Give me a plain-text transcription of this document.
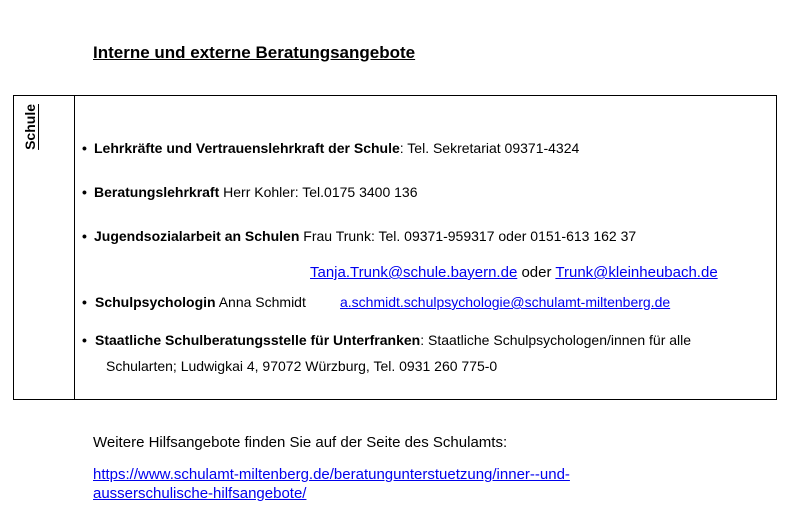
Interne und externe Beratungsangebote
Schule	• Lehrkräfte und Vertrauenslehrkraft der Schule: Tel. Sekretariat 09371-4324
• Beratungslehrkraft Herr Kohler: Tel.0175 3400 136
• Jugendsozialarbeit an Schulen Frau Trunk: Tel. 09371-959317 oder 0151-613 162 37
Tanja.Trunk@schule.bayern.de oder Trunk@kleinheubach.de
• Schulpsychologin Anna Schmidt a.schmidt.schulpsychologie@schulamt-miltenberg.de
• Staatliche Schulberatungsstelle für Unterfranken: Staatliche Schulpsychologen/innen für alle
Schularten; Ludwigkai 4, 97072 Würzburg, Tel. 0931 260 775-0
Weitere Hilfsangebote finden Sie auf der Seite des Schulamts:
https://www.schulamt-miltenberg.de/beratungunterstuetzung/inner--und-ausserschulische-hilfsangebote/
